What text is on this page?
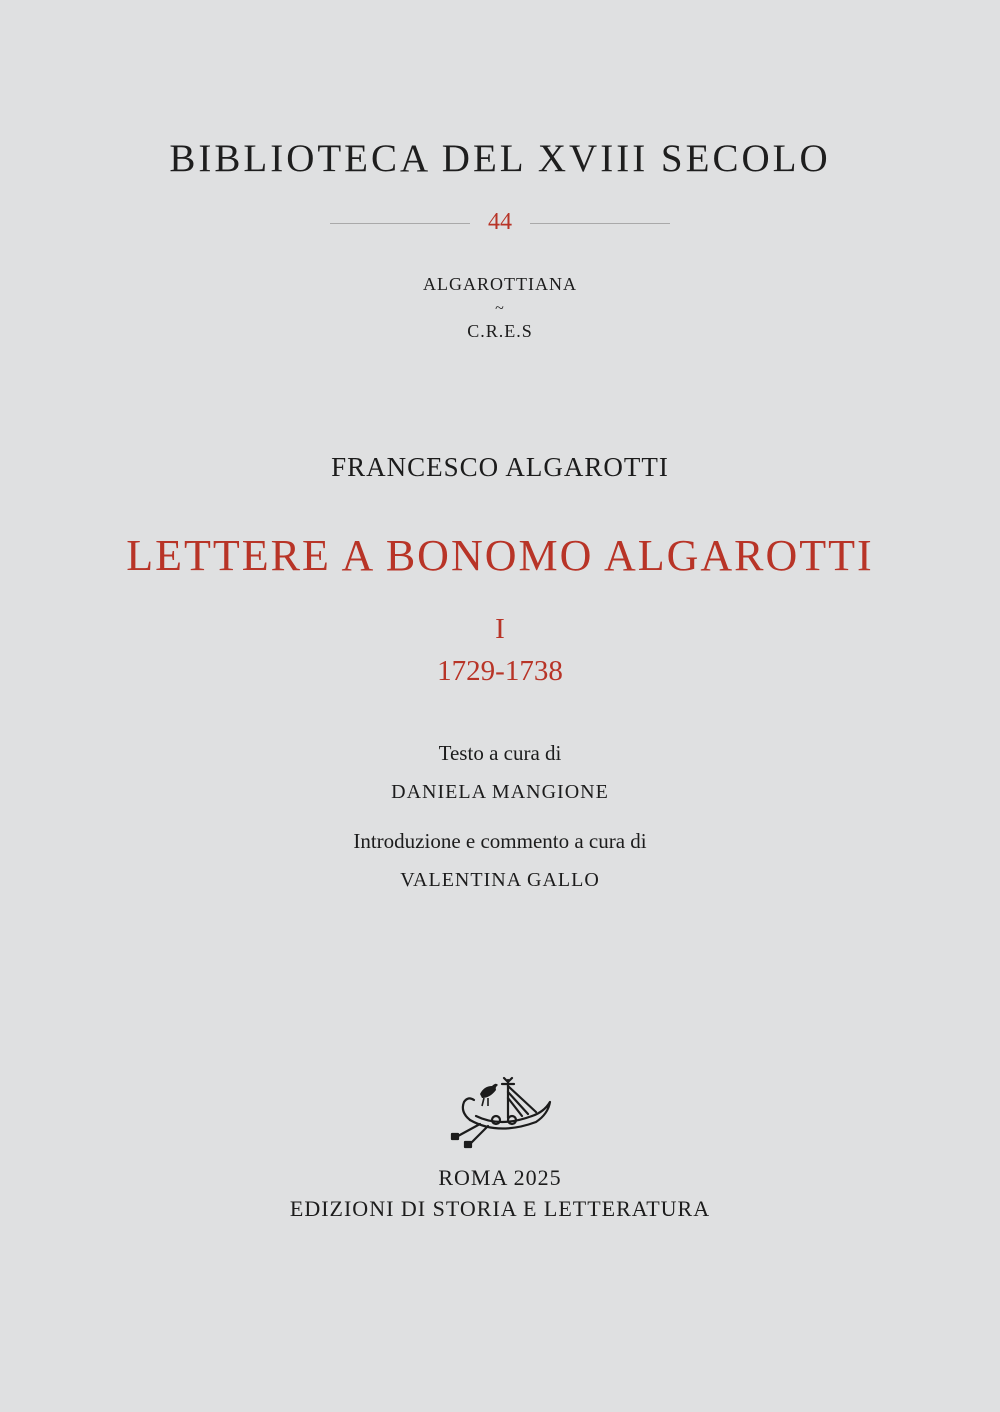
BIBLIOTECA DEL XVIII SECOLO
44
ALGAROTTIANA
~
C.R.E.S
FRANCESCO ALGAROTTI
LETTERE A BONOMO ALGAROTTI
I
1729-1738
Testo a cura di
DANIELA MANGIONE
Introduzione e commento a cura di
VALENTINA GALLO
ROMA 2025
EDIZIONI DI STORIA E LETTERATURA
